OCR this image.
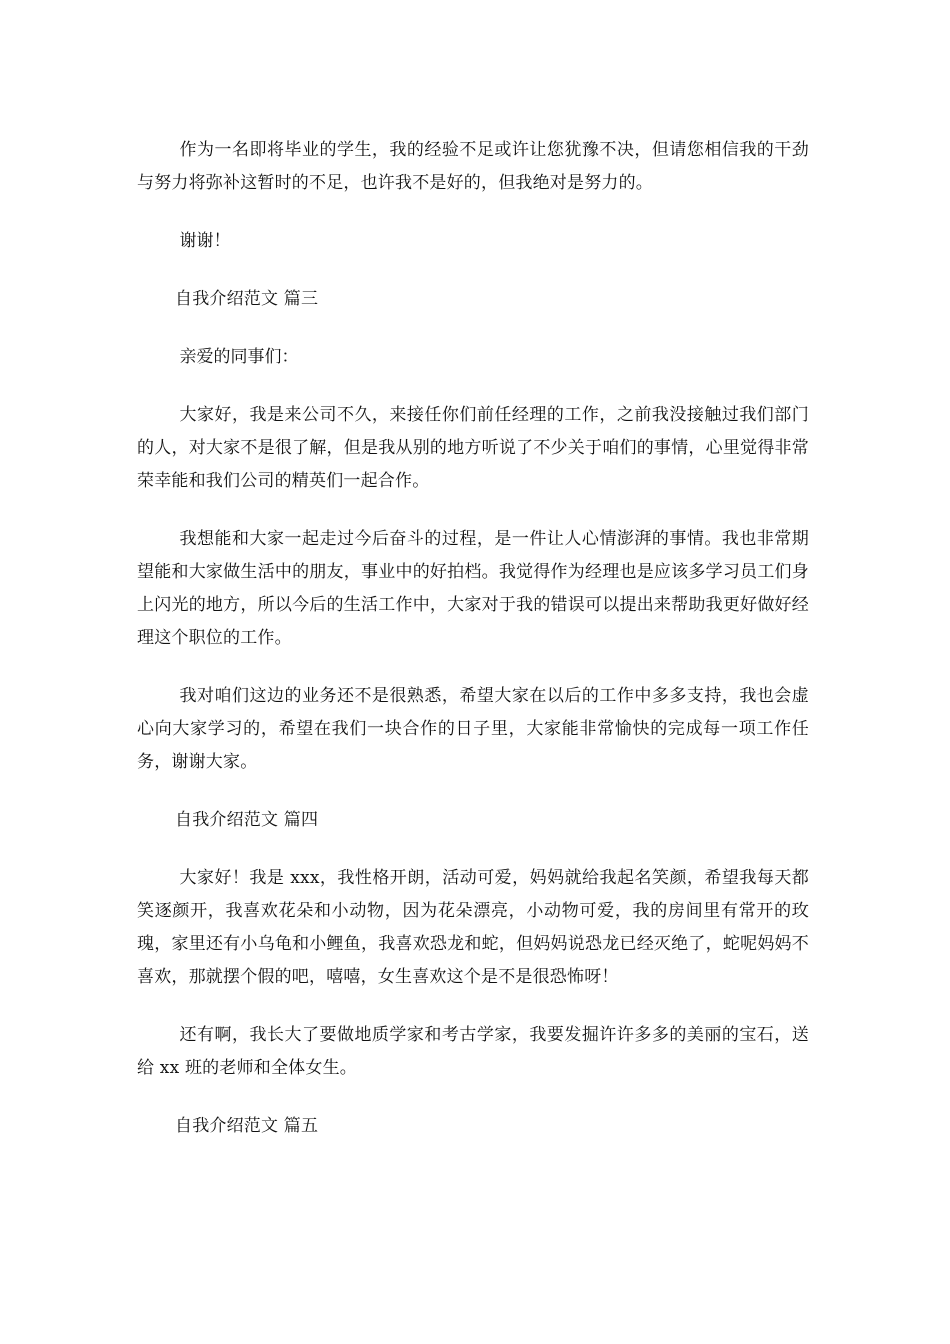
作为一名即将毕业的学生，我的经验不足或许让您犹豫不决，但请您相信我的干劲与努力将弥补这暂时的不足，也许我不是好的，但我绝对是努力的。

谢谢！

自我介绍范文 篇三

亲爱的同事们：

大家好，我是来公司不久，来接任你们前任经理的工作，之前我没接触过我们部门的人，对大家不是很了解，但是我从别的地方听说了不少关于咱们的事情，心里觉得非常荣幸能和我们公司的精英们一起合作。

我想能和大家一起走过今后奋斗的过程，是一件让人心情澎湃的事情。我也非常期望能和大家做生活中的朋友，事业中的好拍档。我觉得作为经理也是应该多学习员工们身上闪光的地方，所以今后的生活工作中，大家对于我的错误可以提出来帮助我更好做好经理这个职位的工作。

我对咱们这边的业务还不是很熟悉，希望大家在以后的工作中多多支持，我也会虚心向大家学习的，希望在我们一块合作的日子里，大家能非常愉快的完成每一项工作任务，谢谢大家。

自我介绍范文 篇四

大家好！我是 xxx，我性格开朗，活动可爱，妈妈就给我起名笑颜，希望我每天都笑逐颜开，我喜欢花朵和小动物，因为花朵漂亮，小动物可爱，我的房间里有常开的玫瑰，家里还有小乌龟和小鲤鱼，我喜欢恐龙和蛇，但妈妈说恐龙已经灭绝了，蛇呢妈妈不喜欢，那就摆个假的吧，嘻嘻，女生喜欢这个是不是很恐怖呀！

还有啊，我长大了要做地质学家和考古学家，我要发掘许许多多的美丽的宝石，送给 xx 班的老师和全体女生。

自我介绍范文 篇五
